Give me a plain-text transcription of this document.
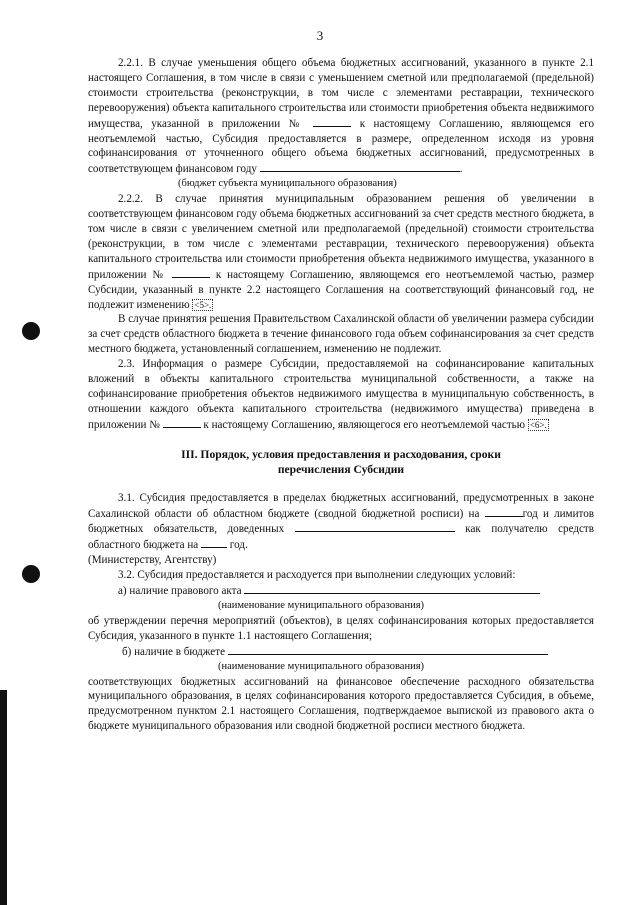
3

2.2.1. В случае уменьшения общего объема бюджетных ассигнований, указанного в пункте 2.1 настоящего Соглашения, в том числе в связи с уменьшением сметной или предполагаемой (предельной) стоимости строительства (реконструкции, в том числе с элементами реставрации, технического перевооружения) объекта капитального строительства или стоимости приобретения объекта недвижимого имущества, указанной в приложении №	к настоящему Соглашению, являющемся его неотъемлемой частью, Субсидия предоставляется в размере, определенном исходя из уровня софинансирования от уточненного общего объема бюджетных ассигнований, предусмотренных в соответствующем финансовом году	.

(бюджет субъекта муниципального образования)

2.2.2. В случае принятия муниципальным образованием решения об увеличении в соответствующем финансовом году объема бюджетных ассигнований за счет средств местного бюджета, в том числе в связи с увеличением сметной или предполагаемой (предельной) стоимости строительства (реконструкции, в том числе с элементами реставрации, технического перевооружения) объекта капитального строительства или стоимости приобретения объекта недвижимого имущества, указанного в приложении №	к настоящему Соглашению, являющемся его неотъемлемой частью, размер Субсидии, указанный в пункте 2.2 настоящего Соглашения на соответствующий финансовый год, не подлежит изменению <5>.

В случае принятия решения Правительством Сахалинской области об увеличении размера субсидии за счет средств областного бюджета в течение финансового года объем софинансирования за счет средств местного бюджета, установленный соглашением, изменению не подлежит.

2.3. Информация о размере Субсидии, предоставляемой на софинансирование капитальных вложений в объекты капитального строительства муниципальной собственности, а также на софинансирование приобретения объектов недвижимого имущества в муниципальную собственность, в отношении каждого объекта капитального строительства (недвижимого имущества) приведена в приложении №	к настоящему Соглашению, являющегося его неотъемлемой частью <6>.

III. Порядок, условия предоставления и расходования, сроки
перечисления Субсидии

3.1. Субсидия предоставляется в пределах бюджетных ассигнований, предусмотренных в законе Сахалинской области об областном бюджете (сводной бюджетной росписи) на	год и лимитов бюджетных обязательств, доведенных	как получателю средств областного бюджета на	год.

(Министерству, Агентству)

3.2. Субсидия предоставляется и расходуется при выполнении следующих условий:

а) наличие правового акта

(наименование муниципального образования)

об утверждении перечня мероприятий (объектов), в целях софинансирования которых предоставляется Субсидия, указанного в пункте 1.1 настоящего Соглашения;

б) наличие в бюджете

(наименование муниципального образования)

соответствующих бюджетных ассигнований на финансовое обеспечение расходного обязательства муниципального образования, в целях софинансирования которого предоставляется Субсидия, в объеме, предусмотренном пунктом 2.1 настоящего Соглашения, подтверждаемое выпиской из правового акта о бюджете муниципального образования или сводной бюджетной росписи местного бюджета.
